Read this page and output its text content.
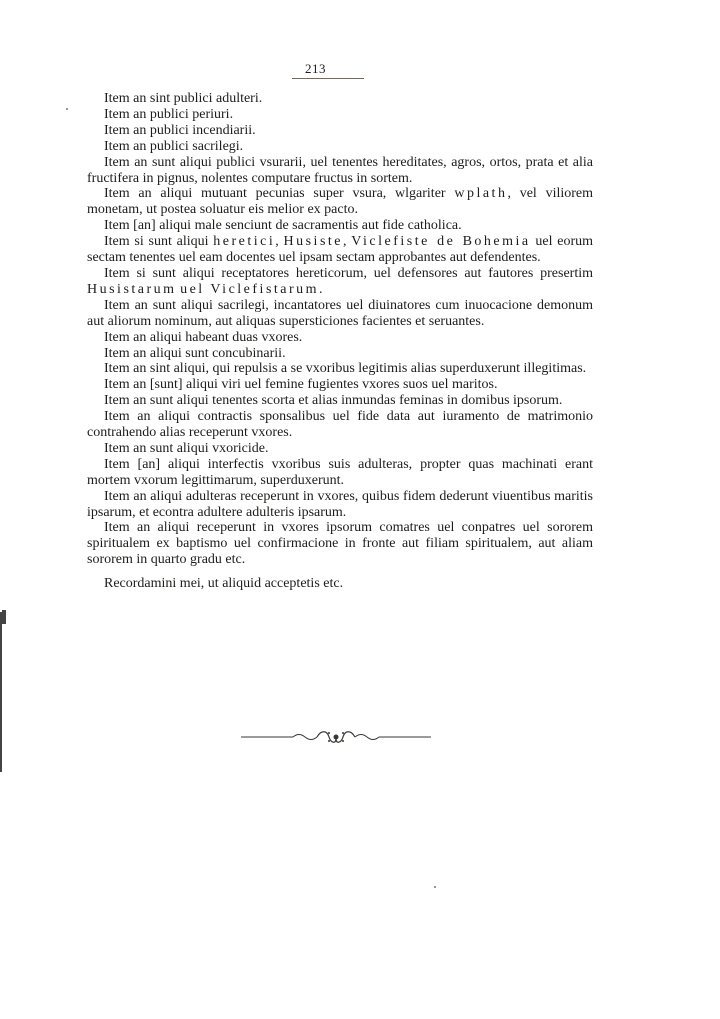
213

Item an sint publici adulteri.

Item an publici periuri.

Item an publici incendiarii.

Item an publici sacrilegi.

Item an sunt aliqui publici vsurarii, uel tenentes hereditates, agros, ortos, prata et alia fructifera in pignus, nolentes computare fructus in sortem.

Item an aliqui mutuant pecunias super vsura, wlgariter wplath, vel viliorem monetam, ut postea soluatur eis melior ex pacto.

Item [an] aliqui male senciunt de sacramentis aut fide catholica.

Item si sunt aliqui heretici, Husiste, Viclefiste de Bohemia uel eorum sectam tenentes uel eam docentes uel ipsam sectam approbantes aut defendentes.

Item si sunt aliqui receptatores hereticorum, uel defensores aut fautores presertim Husistarum uel Viclefistarum.

Item an sunt aliqui sacrilegi, incantatores uel diuinatores cum inuocacione demonum aut aliorum nominum, aut aliquas supersticiones facientes et seruantes.

Item an aliqui habeant duas vxores.

Item an aliqui sunt concubinarii.

Item an sint aliqui, qui repulsis a se vxoribus legitimis alias superduxerunt illegitimas.

Item an [sunt] aliqui viri uel femine fugientes vxores suos uel maritos.

Item an sunt aliqui tenentes scorta et alias inmundas feminas in domibus ipsorum.

Item an aliqui contractis sponsalibus uel fide data aut iuramento de matrimonio contrahendo alias receperunt vxores.

Item an sunt aliqui vxoricide.

Item [an] aliqui interfectis vxoribus suis adulteras, propter quas machinati erant mortem vxorum legittimarum, superduxerunt.

Item an aliqui adulteras receperunt in vxores, quibus fidem dederunt viuentibus maritis ipsarum, et econtra adultere adulteris ipsarum.

Item an aliqui receperunt in vxores ipsorum comatres uel conpatres uel sororem spiritualem ex baptismo uel confirmacione in fronte aut filiam spiritualem, aut aliam sororem in quarto gradu etc.

Recordamini mei, ut aliquid acceptetis etc.
